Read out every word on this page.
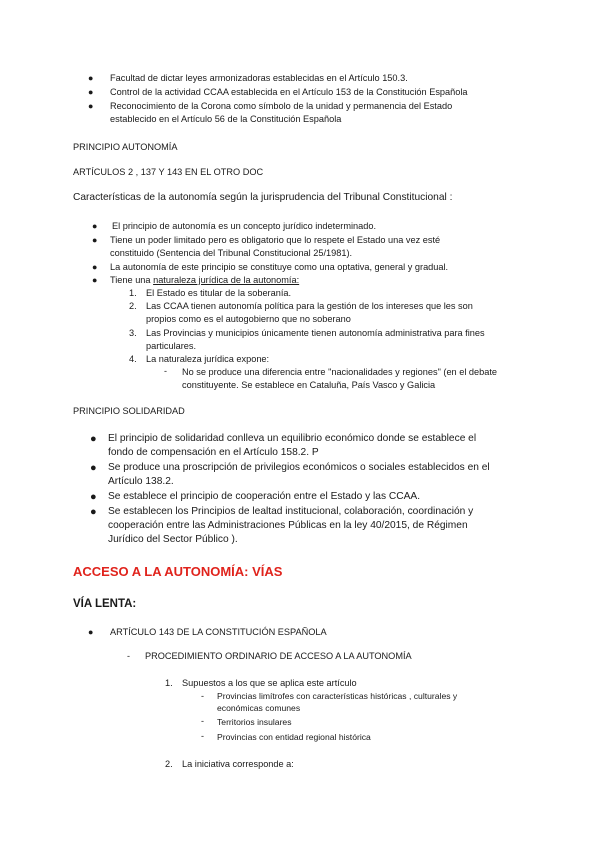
● Facultad de dictar leyes armonizadoras establecidas en el Artículo 150.3.
● Control de la actividad CCAA establecida en el Artículo 153 de la Constitución Española
● Reconocimiento de la Corona como símbolo de la unidad y permanencia del Estado
establecido en el Artículo 56 de la Constitución Española
PRINCIPIO AUTONOMÍA
ARTÍCULOS 2 , 137 Y 143 EN EL OTRO DOC
Características de la autonomía según la jurisprudencia del Tribunal Constitucional :
● El principio de autonomía es un concepto jurídico indeterminado.
● Tiene un poder limitado pero es obligatorio que lo respete el Estado una vez esté
constituido (Sentencia del Tribunal Constitucional 25/1981).
● La autonomía de este principio se constituye como una optativa, general y gradual.
● Tiene una naturaleza jurídica de la autonomía:
1. El Estado es titular de la soberanía.
2. Las CCAA tienen autonomía política para la gestión de los intereses que les son
propios como es el autogobierno que no soberano
3. Las Provincias y municipios únicamente tienen autonomía administrativa para fines
particulares.
4. La naturaleza jurídica expone:
- No se produce una diferencia entre "nacionalidades y regiones" (en el debate
constituyente. Se establece en Cataluña, País Vasco y Galicia
PRINCIPIO SOLIDARIDAD
● El principio de solidaridad conlleva un equilibrio económico donde se establece el
fondo de compensación en el Artículo 158.2. P
● Se produce una proscripción de privilegios económicos o sociales establecidos en el
Artículo 138.2.
● Se establece el principio de cooperación entre el Estado y las CCAA.
● Se establecen los Principios de lealtad institucional, colaboración, coordinación y
cooperación entre las Administraciones Públicas en la ley 40/2015, de Régimen
Jurídico del Sector Público ).
ACCESO A LA AUTONOMÍA: VÍAS
VÍA LENTA:
● ARTÍCULO 143 DE LA CONSTITUCIÓN ESPAÑOLA
- PROCEDIMIENTO ORDINARIO DE ACCESO A LA AUTONOMÍA
1. Supuestos a los que se aplica este artículo
- Provincias limítrofes con características históricas , culturales y
económicas comunes
- Territorios insulares
- Provincias con entidad regional histórica
2. La iniciativa corresponde a:
